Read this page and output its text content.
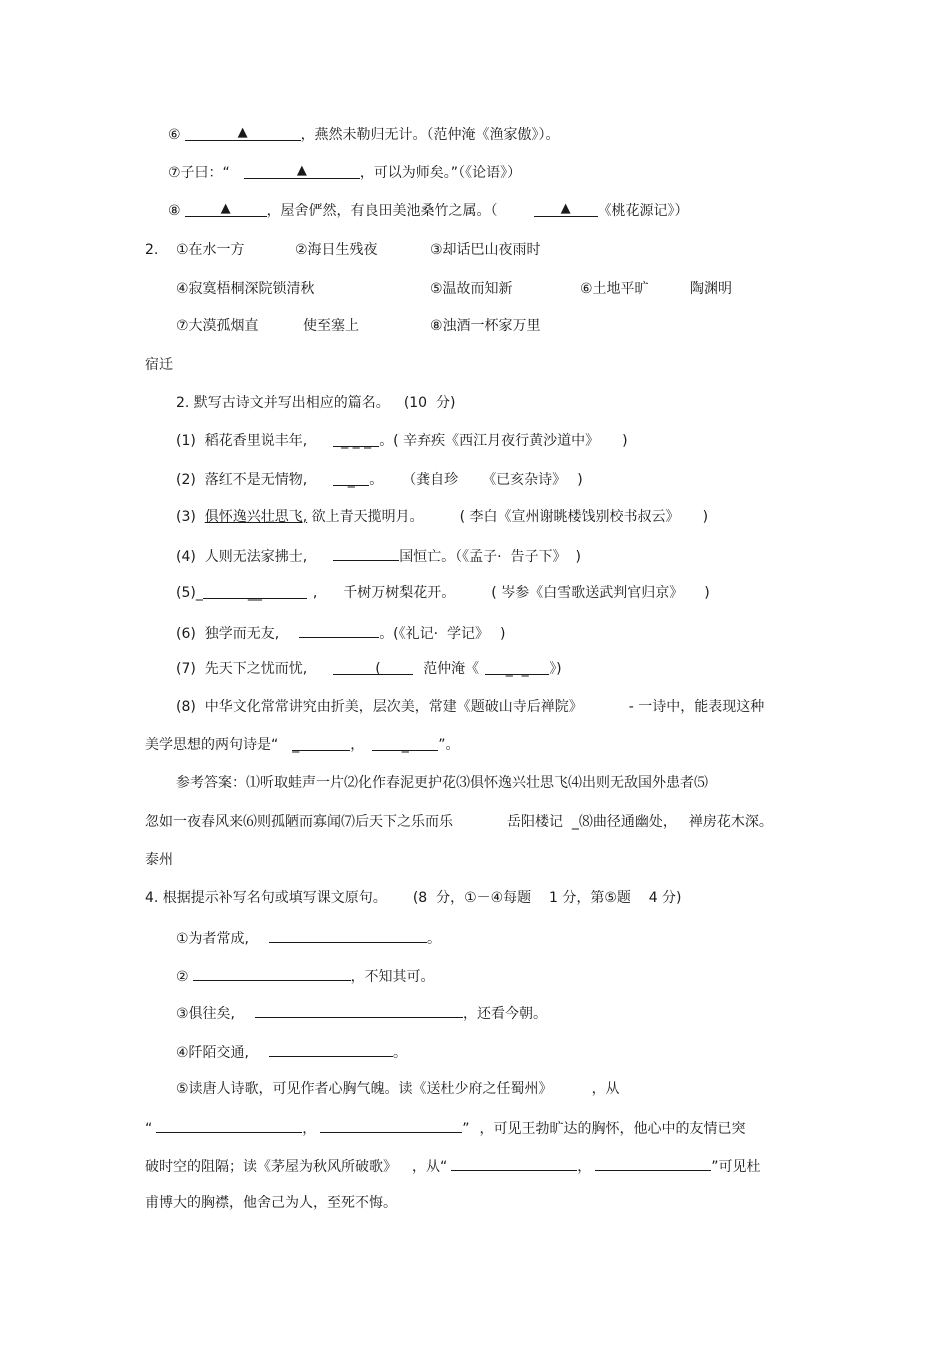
⑥	▲	，燕然未勒归无计。（范仲淹《渔家傲》）。
⑦子曰：“	▲	，可以为师矣。”（《论语》）
⑧	▲	，屋舍俨然，有良田美池桑竹之属。（	▲ 《桃花源记》）
2. ①在水一方	②海日生残夜	③却话巴山夜雨时
④寂寞梧桐深院锁清秋	⑤温故而知新	⑥土地平旷	陶渊明
⑦大漠孤烟直	使至塞上	⑧浊酒一杯家万里
宿迁
2. 默写古诗文并写出相应的篇名。 (10  分)
(1)  稻花香里说丰年, _ _ _ 。( 辛弃疾《西江月夜行黄沙道中》 )
(2)  落红不是无情物,	_ 。 （龚自珍 《已亥杂诗》 )
(3)  俱怀逸兴壮思飞, 欲上青天揽明月。	( 李白《宣州谢眺楼饯别校书叔云》 )
(4)  人则无法家拂士,	国恒亡。（《孟子·  告子下》 )
(5)_	__	, 千树万树梨花开。	( 岑参《白雪歌送武判官归京》 )
(6)  独学而无友,	。(《礼记·  学记》 )
(7)  先天下之忧而忧,	(	范仲淹《 _  _ 》)
(8)  中华文化常常讲究由折美，层次美，常建《题破山寺后禅院》	- 一诗中，能表现这种
美学思想的两句诗是“ _	，	_ ”。
参考答案：⑴听取蛙声一片⑵化作春泥更护花⑶俱怀逸兴壮思飞⑷出则无敌国外患者⑸
忽如一夜春风来⑹则孤陋而寡闻⑺后天下之乐而乐	岳阳楼记  _⑻曲径通幽处， 禅房花木深。
泰州
4. 根据提示补写名句或填写课文原句。 (8  分，①－④每题    1 分，第⑤题    4 分)
①为者常成,	。
②	，不知其可。
③俱往矣,	，还看今朝。
④阡陌交通,	。
⑤读唐人诗歌，可见作者心胸气魄。读《送杜少府之任蜀州》	，从
“	，	” ，可见王勃旷达的胸怀，他心中的友情已突
破时空的阻隔；读《茅屋为秋风所破歌》 ，从“	，	”可见杜
甫博大的胸襟，他舍己为人，至死不悔。
